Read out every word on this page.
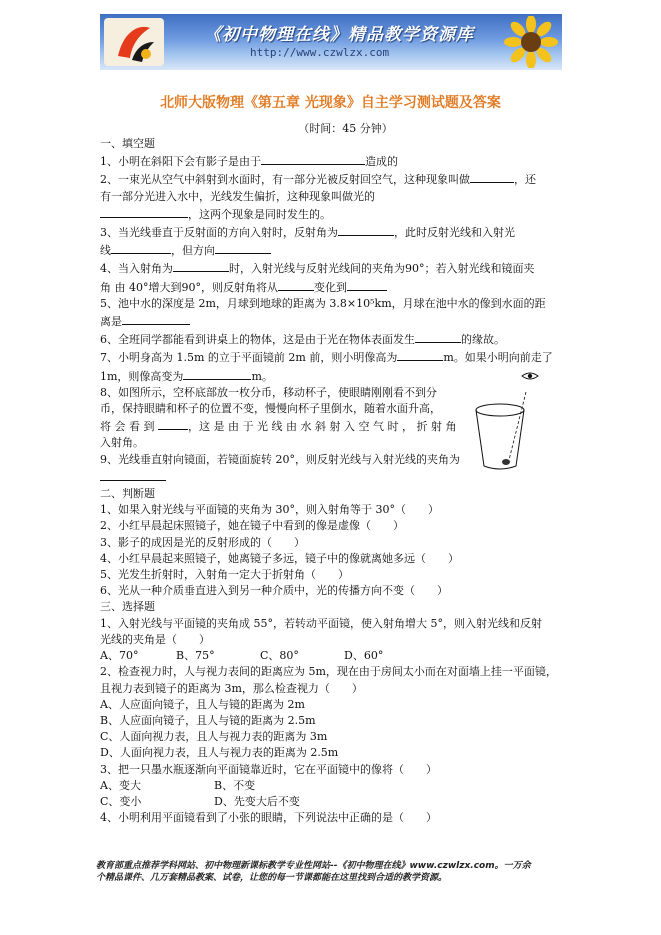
《初中物理在线》精品教学资源库
http://www.czwlzx.com
北师大版物理《第五章 光现象》自主学习测试题及答案
（时间：45 分钟）

一、填空题

1、小明在斜阳下会有影子是由于	造成的

2、一束光从空气中斜射到水面时，有一部分光被反射回空气，这种现象叫做	，还

有一部分光进入水中，光线发生偏折，这种现象叫做光的

，这两个现象是同时发生的。

3、当光线垂直于反射面的方向入射时，反射角为	，此时反射光线和入射光

线	，但方向

4、当入射角为	时，入射光线与反射光线间的夹角为90°；若入射光线和镜面夹

角 由 40°增大到90°，则反射角将从	变化到

5、池中水的深度是 2m，月球到地球的距离为 3.8×10⁵km，月球在池中水的像到水面的距

离是

6、全班同学都能看到讲桌上的物体，这是由于光在物体表面发生	的缘故。

7、小明身高为 1.5m 的立于平面镜前 2m 前，则小明像高为	m。如果小明向前走了

1m，则像高变为	m。

8、如图所示，空杯底部放一枚分币，移动杯子，使眼睛刚刚看不到分

币，保持眼睛和杯子的位置不变，慢慢向杯子里倒水，随着水面升高，

将 会 看 到	，这 是 由 于 光 线 由 水 斜 射 入 空 气 时 ， 折 射 角

入射角。

9、光线垂直射向镜面，若镜面旋转 20°，则反射光线与入射光线的夹角为

二、判断题

1、如果入射光线与平面镜的夹角为 30°，则入射角等于 30°（　　）

2、小红早晨起床照镜子，她在镜子中看到的像是虚像（　　）

3、影子的成因是光的反射形成的（　　）

4、小红早晨起来照镜子，她离镜子多远，镜子中的像就离她多远（　　）

5、光发生折射时，入射角一定大于折射角（　　）

6、光从一种介质垂直进入到另一种介质中，光的传播方向不变（　　）

三、选择题

1、入射光线与平面镜的夹角成 55°，若转动平面镜，使入射角增大 5°，则入射光线和反射

光线的夹角是（　　）

A、70°	B、75°	C、80°	D、60°

2、检查视力时，人与视力表间的距离应为 5m，现在由于房间太小而在对面墙上挂一平面镜，

且视力表到镜子的距离为 3m，那么检查视力（　　）

A、人应面向镜子，且人与镜的距离为 2m

B、人应面向镜子，且人与镜的距离为 2.5m

C、人面向视力表，且人与视力表的距离为 3m

D、人面向视力表，且人与视力表的距离为 2.5m

3、把一只墨水瓶逐渐向平面镜靠近时，它在平面镜中的像将（　　）

A、变大	B、不变
C、变小	D、先变大后不变

4、小明利用平面镜看到了小张的眼睛，下列说法中正确的是（　　）

教育部重点推荐学科网站、初中物理新课标教学专业性网站--《初中物理在线》www.czwlzx.com。一万余
个精品课件、几万套精品教案、试卷，让您的每一节课都能在这里找到合适的教学资源。
